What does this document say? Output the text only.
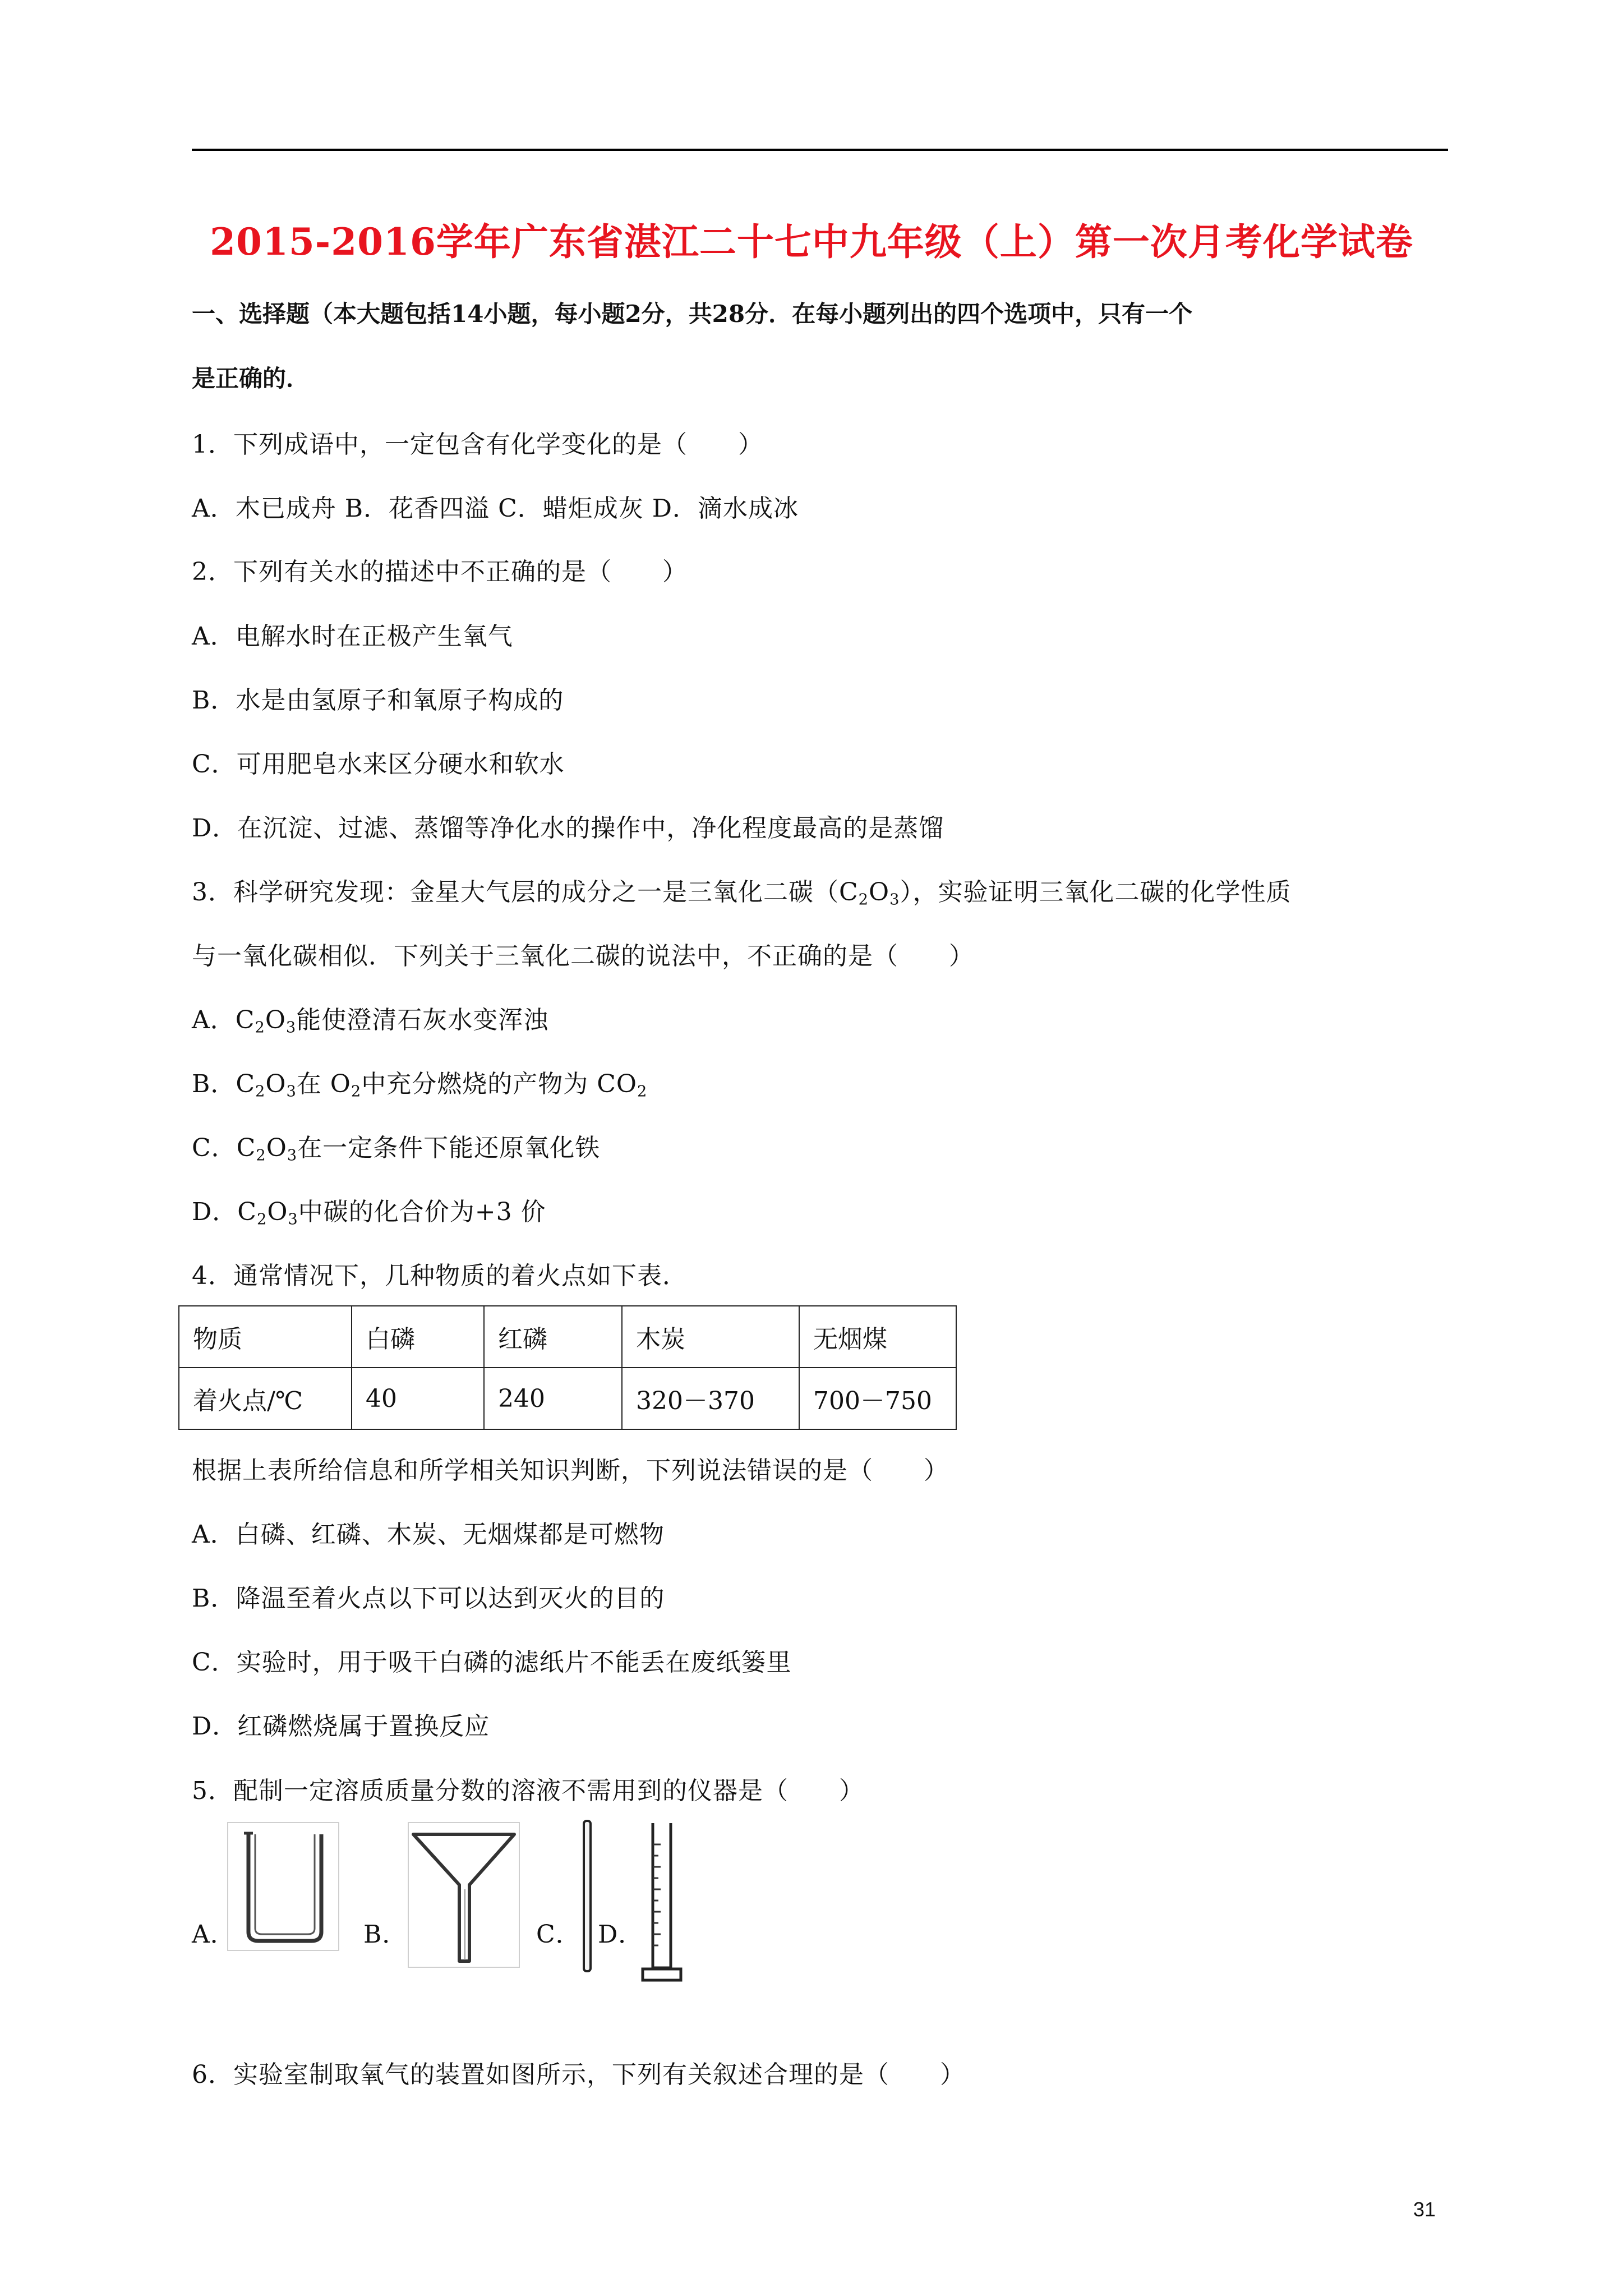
2015-2016学年广东省湛江二十七中九年级（上）第一次月考化学试卷
一、选择题（本大题包括14小题，每小题2分，共28分．在每小题列出的四个选项中，只有一个
是正确的．
1．下列成语中，一定包含有化学变化的是（　　）
A．木已成舟 B．花香四溢 C．蜡炬成灰 D．滴水成冰
2．下列有关水的描述中不正确的是（　　）
A．电解水时在正极产生氧气
B．水是由氢原子和氧原子构成的
C．可用肥皂水来区分硬水和软水
D．在沉淀、过滤、蒸馏等净化水的操作中，净化程度最高的是蒸馏
3．科学研究发现：金星大气层的成分之一是三氧化二碳$(C_2O_3)$，实验证明三氧化二碳的化学性质
与一氧化碳相似．下列关于三氧化二碳的说法中，不正确的是（　　）
A．$C_2O_3$能使澄清石灰水变浑浊
B．$C_2O_3$在 $O_2$中充分燃烧的产物为 $CO_2$
C．$C_2O_3$在一定条件下能还原氧化铁
D．$C_2O_3$中碳的化合价为+3 价
4．通常情况下，几种物质的着火点如下表．
物质	白磷	红磷	木炭	无烟煤
着火点/℃	40	240	320－370	700－750
根据上表所给信息和所学相关知识判断，下列说法错误的是（　　）
A．白磷、红磷、木炭、无烟煤都是可燃物
B．降温至着火点以下可以达到灭火的目的
C．实验时，用于吸干白磷的滤纸片不能丢在废纸篓里
D．红磷燃烧属于置换反应
5．配制一定溶质质量分数的溶液不需用到的仪器是（　　）
A．	B．	C． D．
6．实验室制取氧气的装置如图所示，下列有关叙述合理的是（　　）
31
